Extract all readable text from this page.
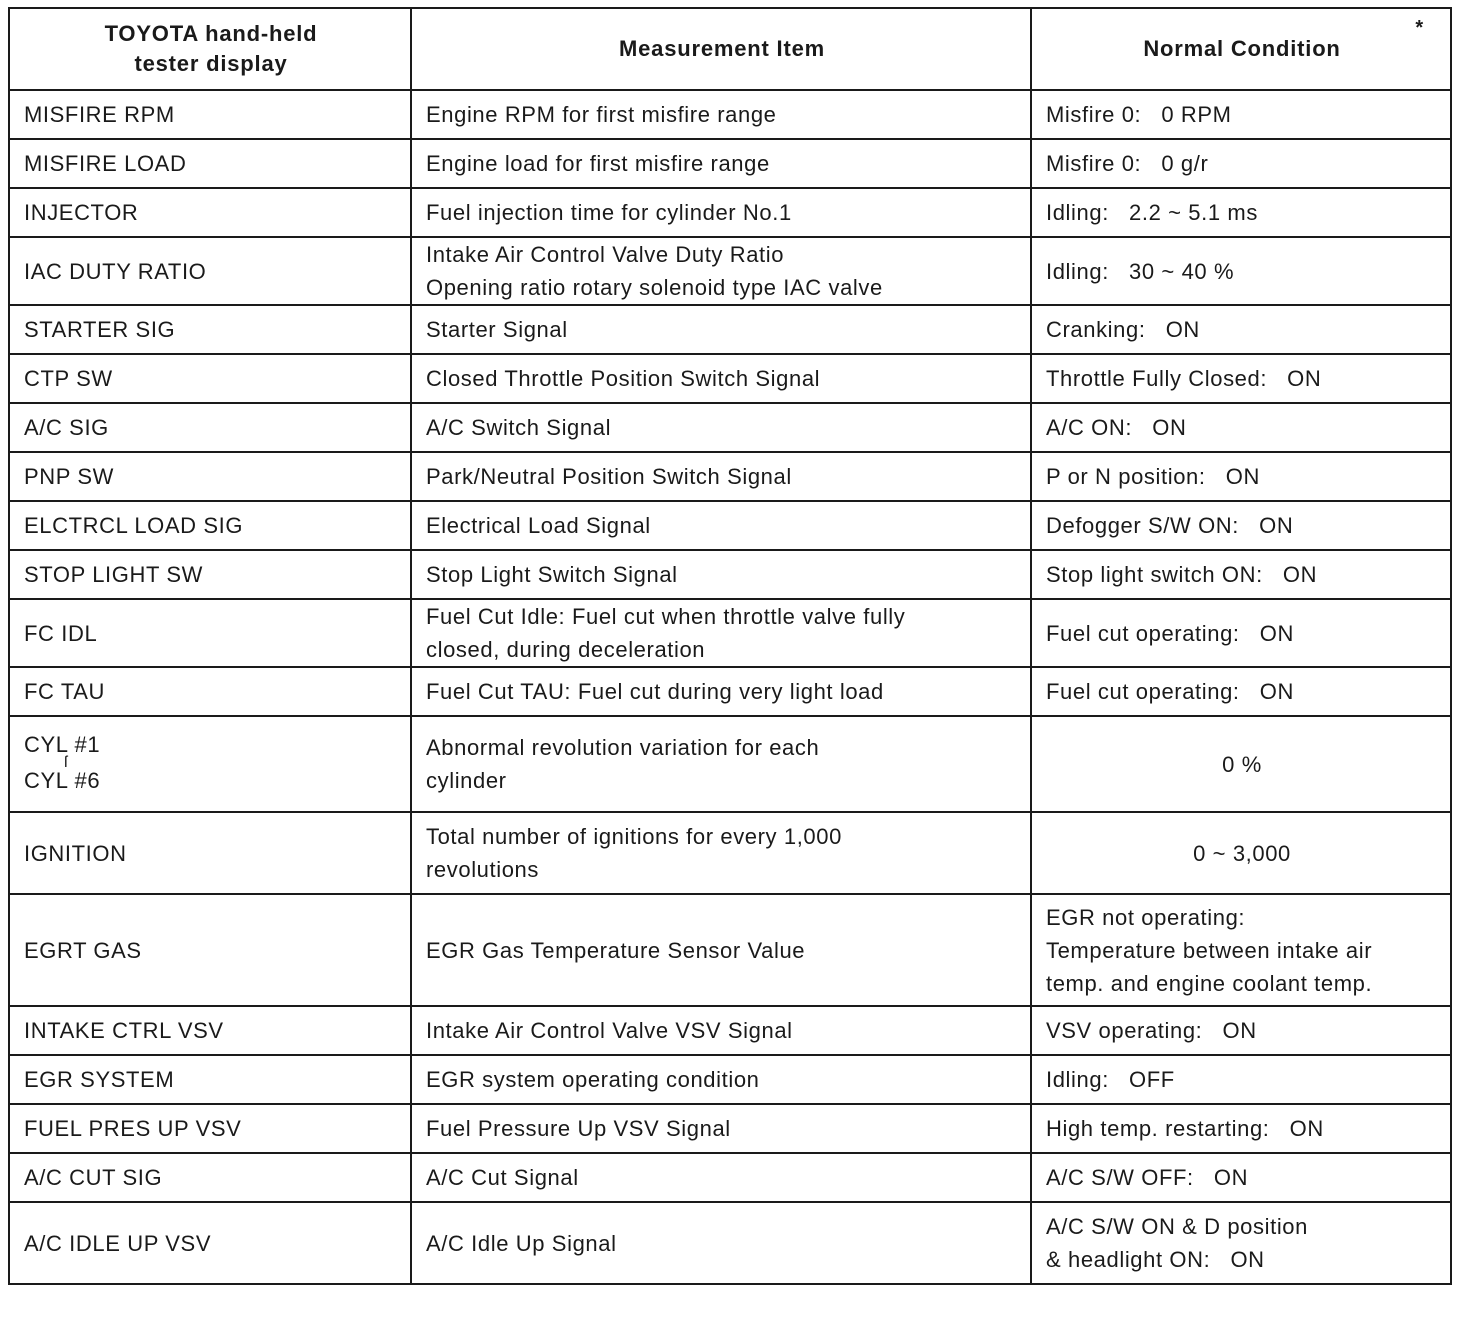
TOYOTA hand-held
tester display	Measurement Item	Normal Condition
*

MISFIRE RPM	Engine RPM for first misfire range	Misfire 0:   0 RPM

MISFIRE LOAD	Engine load for first misfire range	Misfire 0:   0 g/r

INJECTOR	Fuel injection time for cylinder No.1	Idling:   2.2 ~ 5.1 ms

IAC DUTY RATIO	Intake Air Control Valve Duty Ratio
Opening ratio rotary solenoid type IAC valve	Idling:   30 ~ 40 %

STARTER SIG	Starter Signal	Cranking:   ON

CTP SW	Closed Throttle Position Switch Signal	Throttle Fully Closed:   ON

A/C SIG	A/C Switch Signal	A/C ON:   ON

PNP SW	Park/Neutral Position Switch Signal	P or N position:   ON

ELCTRCL LOAD SIG	Electrical Load Signal	Defogger S/W ON:   ON

STOP LIGHT SW	Stop Light Switch Signal	Stop light switch ON:   ON

FC IDL	Fuel Cut Idle: Fuel cut when throttle valve fully
closed, during deceleration	Fuel cut operating:   ON

FC TAU	Fuel Cut TAU: Fuel cut during very light load	Fuel cut operating:   ON

CYL #1
ſ
CYL #6	Abnormal revolution variation for each
cylinder	0 %

IGNITION	Total number of ignitions for every 1,000
revolutions	0 ~ 3,000

EGRT GAS	EGR Gas Temperature Sensor Value	EGR not operating:
Temperature between intake air
temp. and engine coolant temp.

INTAKE CTRL VSV	Intake Air Control Valve VSV Signal	VSV operating:   ON

EGR SYSTEM	EGR system operating condition	Idling:   OFF

FUEL PRES UP VSV	Fuel Pressure Up VSV Signal	High temp. restarting:   ON

A/C CUT SIG	A/C Cut Signal	A/C S/W OFF:   ON

A/C IDLE UP VSV	A/C Idle Up Signal	A/C S/W ON & D position
& headlight ON:   ON
